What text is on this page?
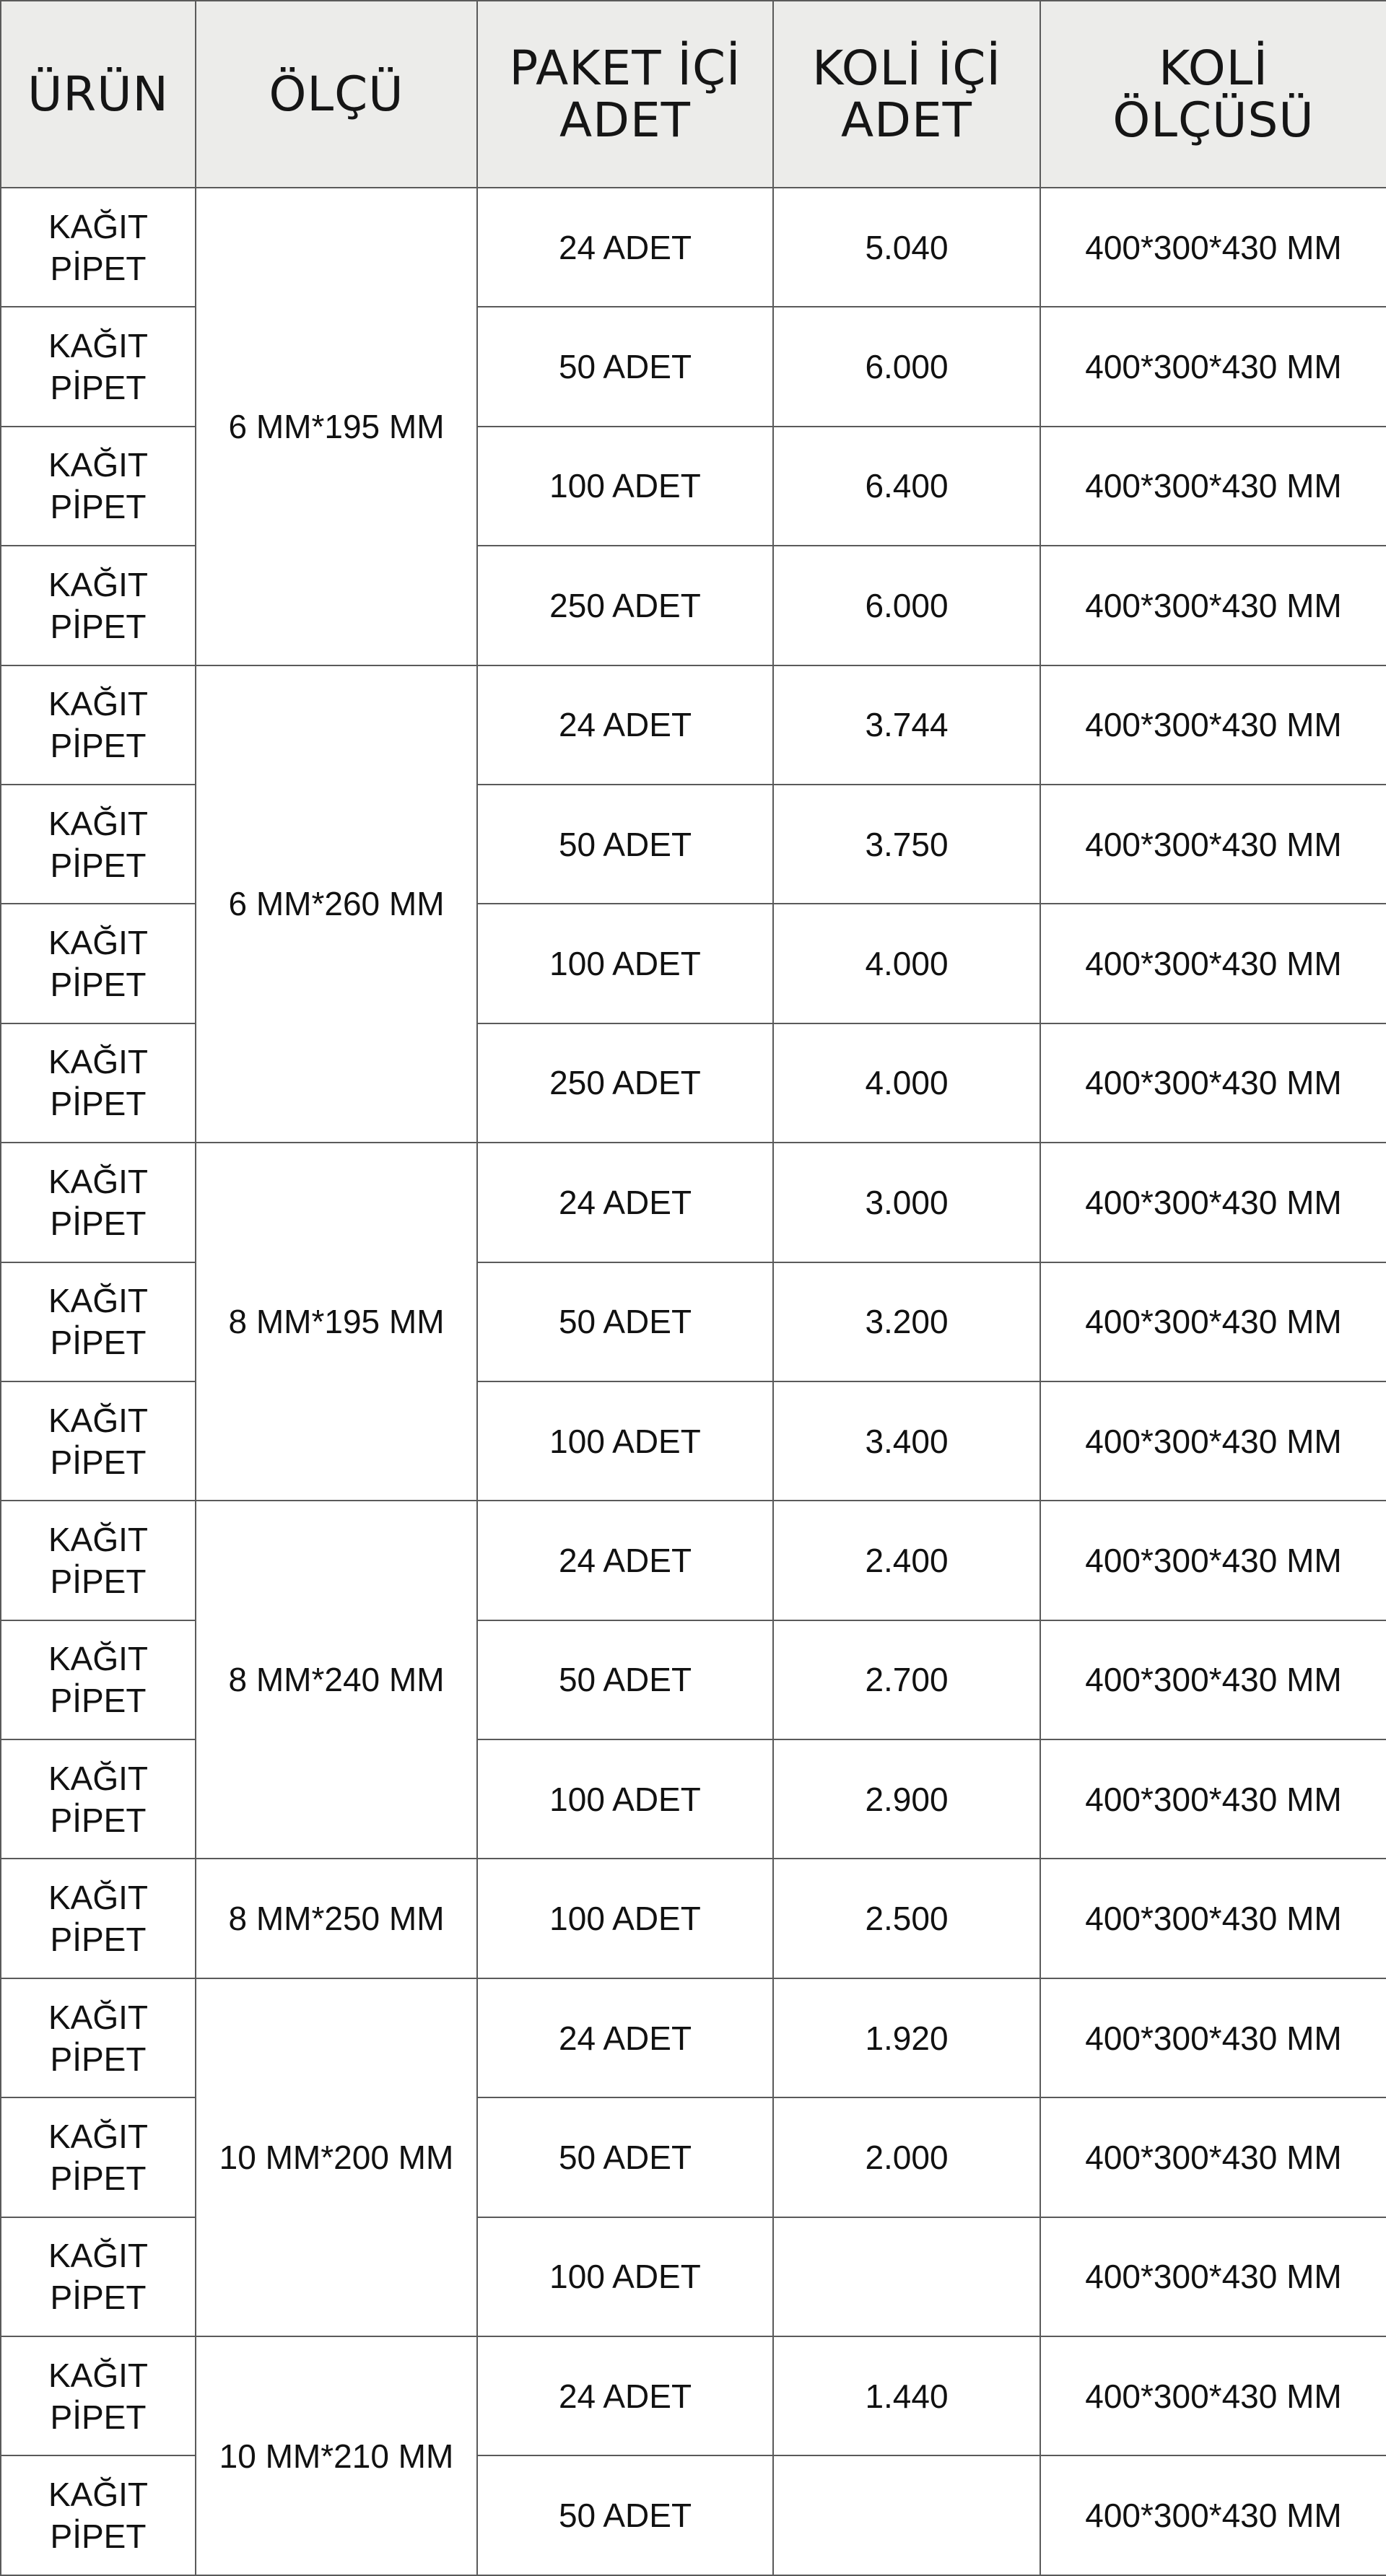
ÜRÜN	ÖLÇÜ	PAKET İÇİ
ADET	KOLİ İÇİ
ADET	KOLİ
ÖLÇÜSÜ

KAĞIT
PİPET	6 MM*195 MM	24 ADET	5.040	400*300*430 MM

KAĞIT
PİPET		50 ADET	6.000	400*300*430 MM

KAĞIT
PİPET		100 ADET	6.400	400*300*430 MM

KAĞIT
PİPET		250 ADET	6.000	400*300*430 MM

KAĞIT
PİPET	6 MM*260 MM	24 ADET	3.744	400*300*430 MM

KAĞIT
PİPET		50 ADET	3.750	400*300*430 MM

KAĞIT
PİPET		100 ADET	4.000	400*300*430 MM

KAĞIT
PİPET		250 ADET	4.000	400*300*430 MM

KAĞIT
PİPET	8 MM*195 MM	24 ADET	3.000	400*300*430 MM

KAĞIT
PİPET		50 ADET	3.200	400*300*430 MM

KAĞIT
PİPET		100 ADET	3.400	400*300*430 MM

KAĞIT
PİPET	8 MM*240 MM	24 ADET	2.400	400*300*430 MM

KAĞIT
PİPET		50 ADET	2.700	400*300*430 MM

KAĞIT
PİPET		100 ADET	2.900	400*300*430 MM

KAĞIT
PİPET	8 MM*250 MM	100 ADET	2.500	400*300*430 MM

KAĞIT
PİPET	10 MM*200 MM	24 ADET	1.920	400*300*430 MM

KAĞIT
PİPET		50 ADET	2.000	400*300*430 MM

KAĞIT
PİPET		100 ADET		400*300*430 MM

KAĞIT
PİPET	10 MM*210 MM	24 ADET	1.440	400*300*430 MM

KAĞIT
PİPET		50 ADET		400*300*430 MM
